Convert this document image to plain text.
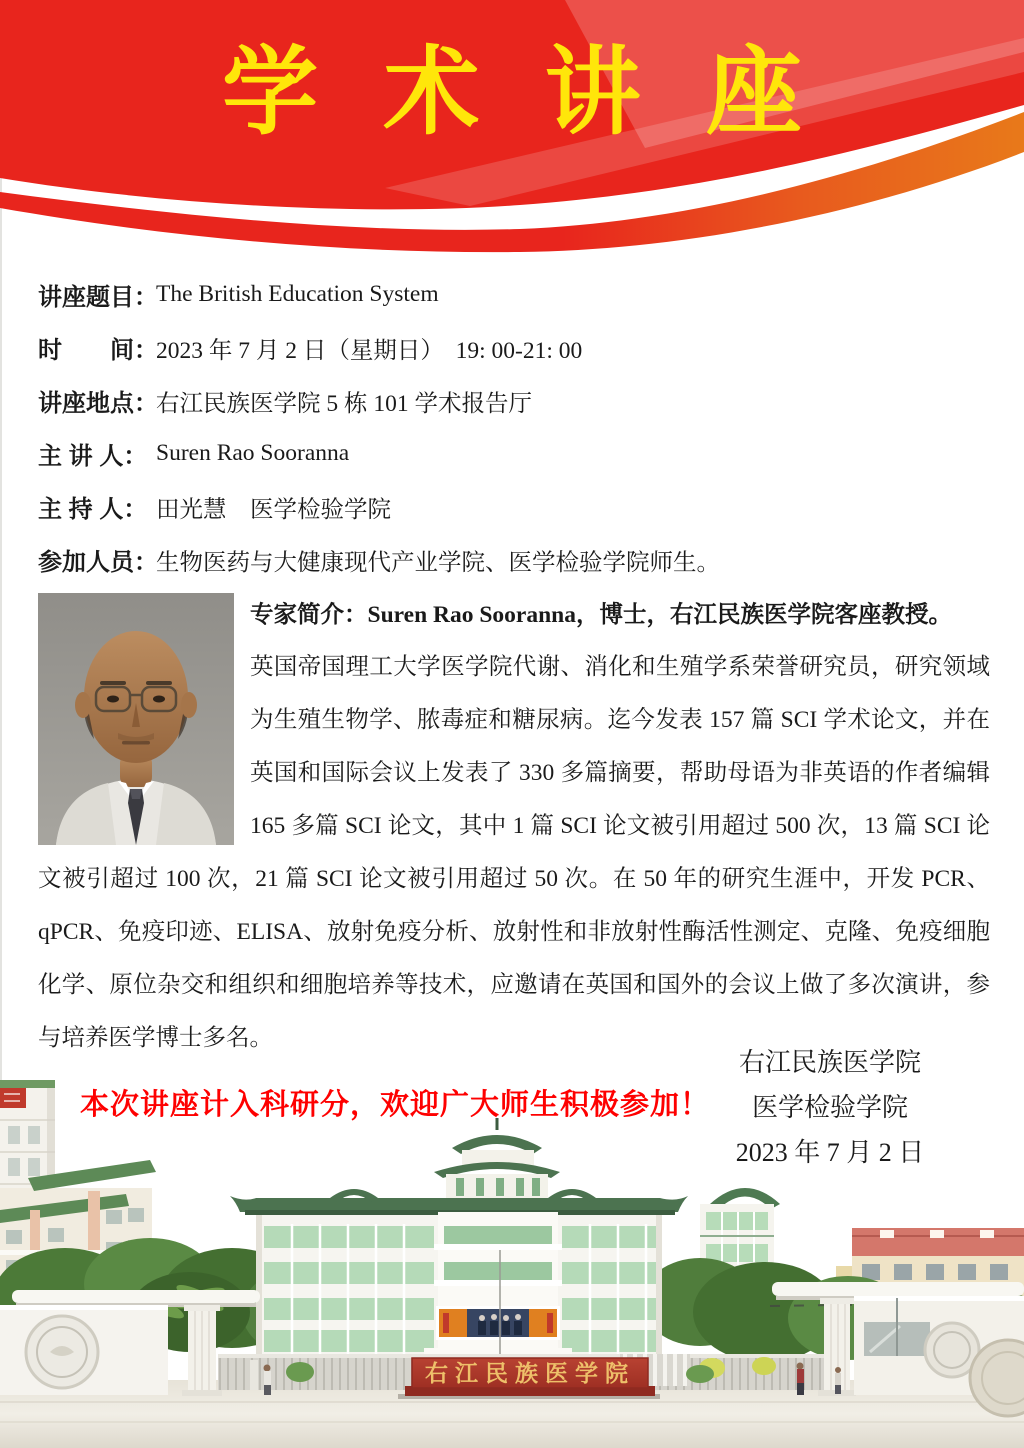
学术讲座
讲座题目：
The British Education System
时　　间：
2023 年 7 月 2 日（星期日）　19: 00-21: 00
讲座地点：
右江民族医学院 5 栋 101 学术报告厅
主 讲 人： Suren Rao Sooranna
主 持 人： 田光慧　医学检验学院
参加人员：
生物医药与大健康现代产业学院、医学检验学院师生。
专家简介：Suren Rao Sooranna，博士，右江民族医学院客座教授。
英国帝国理工大学医学院代谢、消化和生殖学系荣誉研究员，研究领域
为生殖生物学、脓毒症和糖尿病。迄今发表 157 篇 SCI 学术论文，并在
英国和国际会议上发表了 330 多篇摘要，帮助母语为非英语的作者编辑
165 多篇 SCI 论文，其中 1 篇 SCI 论文被引用超过 500 次，13 篇 SCI 论
文被引超过 100 次，21 篇 SCI 论文被引用超过 50 次。在 50 年的研究生涯中，开发 PCR、
qPCR、免疫印迹、ELISA、放射免疫分析、放射性和非放射性酶活性测定、克隆、免疫细胞
化学、原位杂交和组织和细胞培养等技术，应邀请在英国和国外的会议上做了多次演讲，参
与培养医学博士多名。
本次讲座计入科研分，欢迎广大师生积极参加！
右江民族医学院
医学检验学院
2023 年 7 月 2 日
右江民族医学院
